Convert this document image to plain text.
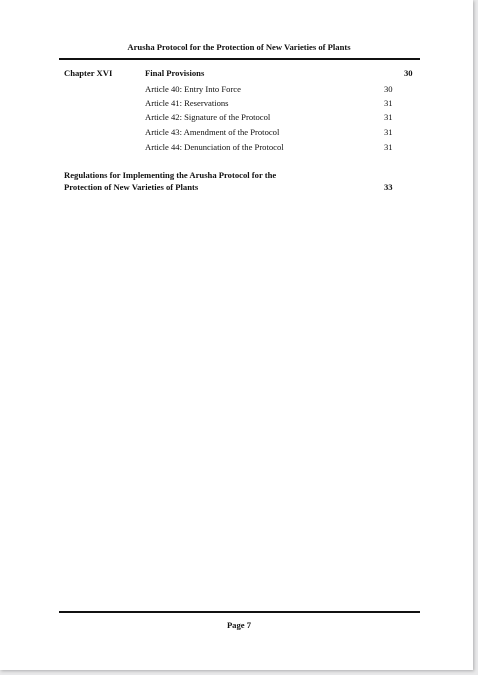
Arusha Protocol for the Protection of New Varieties of Plants
Chapter XVI	Final Provisions	30
Article 40: Entry Into Force	30
Article 41: Reservations	31
Article 42: Signature of the Protocol	31
Article 43: Amendment of the Protocol	31
Article 44: Denunciation of the Protocol	31
Regulations for Implementing the Arusha Protocol for the
Protection of New Varieties of Plants	33
Page 7
